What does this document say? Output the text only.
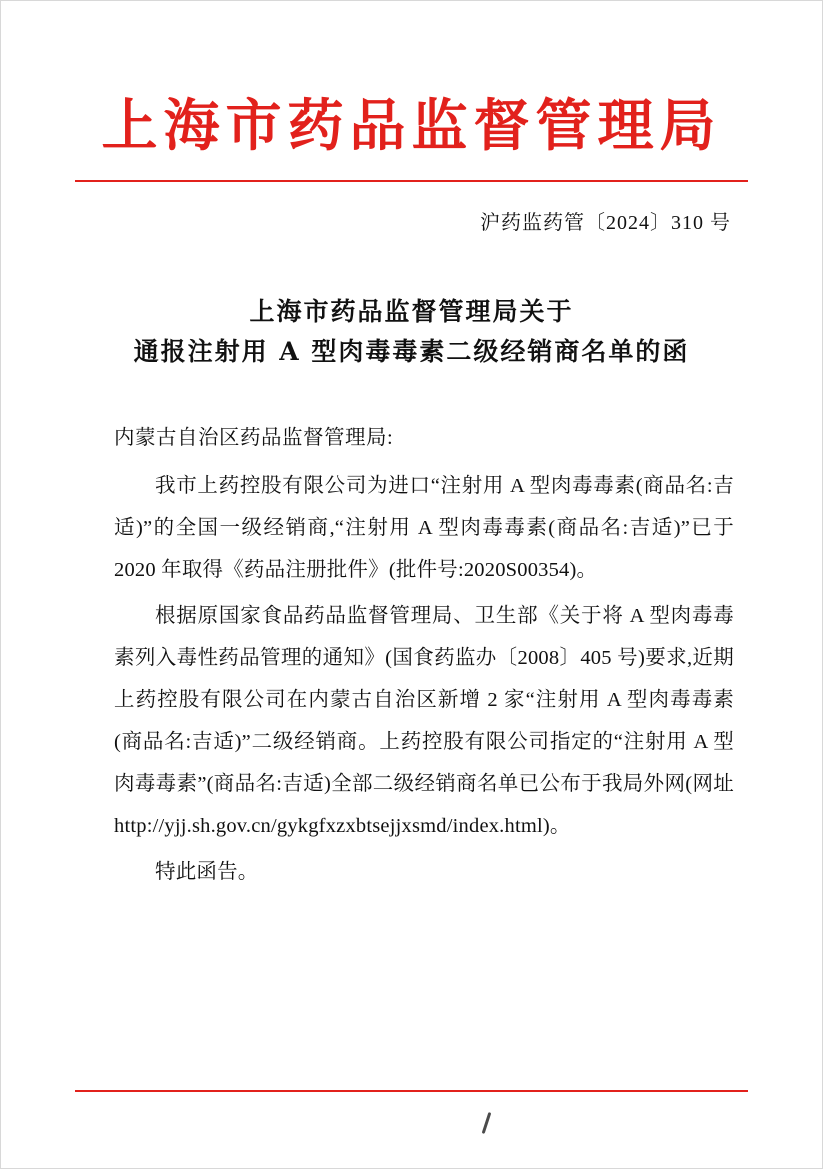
上海市药品监督管理局
沪药监药管〔2024〕310 号
上海市药品监督管理局关于
通报注射用 A 型肉毒毒素二级经销商名单的函
内蒙古自治区药品监督管理局:

我市上药控股有限公司为进口“注射用 A 型肉毒毒素(商品名:吉适)”的全国一级经销商,“注射用 A 型肉毒毒素(商品名:吉适)”已于 2020 年取得《药品注册批件》(批件号:2020S00354)。

根据原国家食品药品监督管理局、卫生部《关于将 A 型肉毒毒素列入毒性药品管理的通知》(国食药监办〔2008〕405 号)要求,近期上药控股有限公司在内蒙古自治区新增 2 家“注射用 A 型肉毒毒素(商品名:吉适)”二级经销商。上药控股有限公司指定的“注射用 A 型肉毒毒素”(商品名:吉适)全部二级经销商名单已公布于我局外网(网址 http://yjj.sh.gov.cn/gykgfxzxbtsejjxsmd/index.html)。

特此函告。
